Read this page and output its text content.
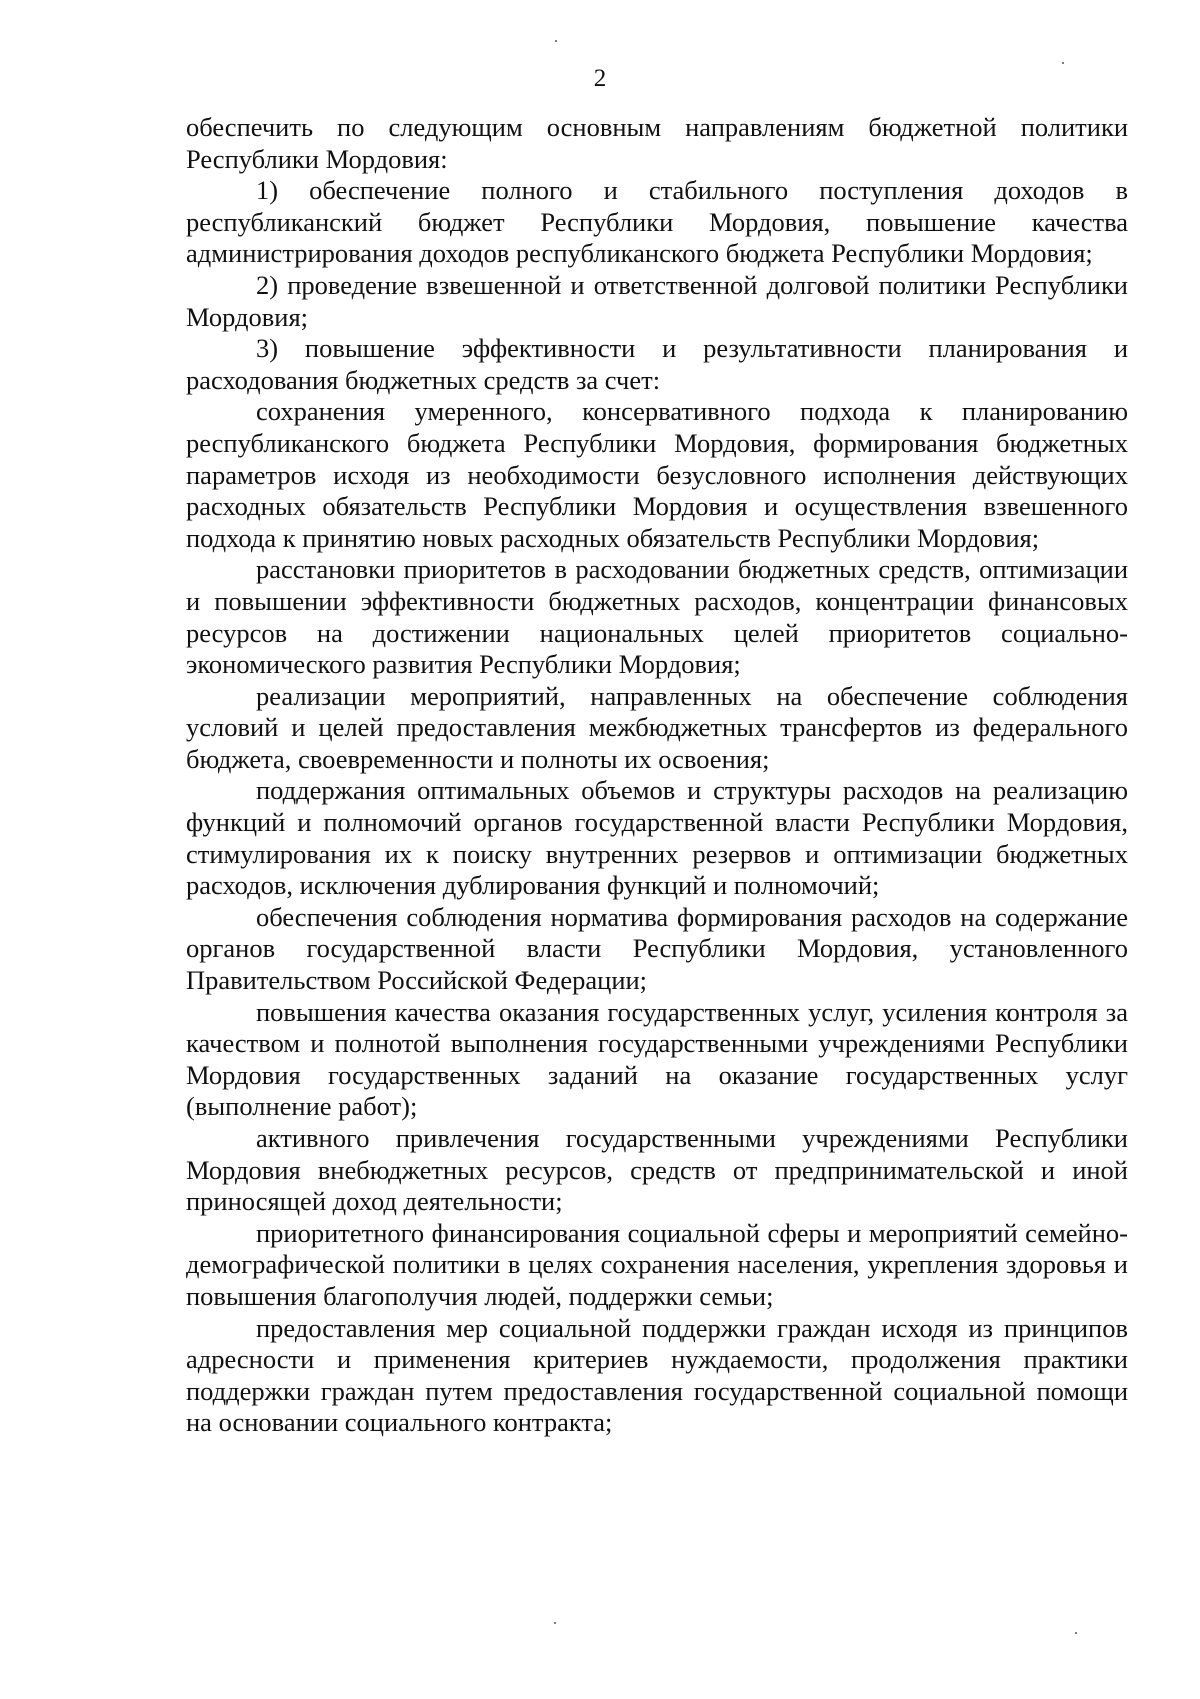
2

обеспечить по следующим основным направлениям бюджетной политики Республики Мордовия:

1) обеспечение полного и стабильного поступления доходов в республиканский бюджет Республики Мордовия, повышение качества администрирования доходов республиканского бюджета Республики Мордовия;

2) проведение взвешенной и ответственной долговой политики Республики Мордовия;

3) повышение эффективности и результативности планирования и расходования бюджетных средств за счет:

сохранения умеренного, консервативного подхода к планированию республиканского бюджета Республики Мордовия, формирования бюджетных параметров исходя из необходимости безусловного исполнения действующих расходных обязательств Республики Мордовия и осуществления взвешенного подхода к принятию новых расходных обязательств Республики Мордовия;

расстановки приоритетов в расходовании бюджетных средств, оптимизации и повышении эффективности бюджетных расходов, концентрации финансовых ресурсов на достижении национальных целей приоритетов социально-экономического развития Республики Мордовия;

реализации мероприятий, направленных на обеспечение соблюдения условий и целей предоставления межбюджетных трансфертов из федерального бюджета, своевременности и полноты их освоения;

поддержания оптимальных объемов и структуры расходов на реализацию функций и полномочий органов государственной власти Республики Мордовия, стимулирования их к поиску внутренних резервов и оптимизации бюджетных расходов, исключения дублирования функций и полномочий;

обеспечения соблюдения норматива формирования расходов на содержание органов государственной власти Республики Мордовия, установленного Правительством Российской Федерации;

повышения качества оказания государственных услуг, усиления контроля за качеством и полнотой выполнения государственными учреждениями Республики Мордовия государственных заданий на оказание государственных услуг (выполнение работ);

активного привлечения государственными учреждениями Республики Мордовия внебюджетных ресурсов, средств от предпринимательской и иной приносящей доход деятельности;

приоритетного финансирования социальной сферы и мероприятий семейно-демографической политики в целях сохранения населения, укрепления здоровья и повышения благополучия людей, поддержки семьи;

предоставления мер социальной поддержки граждан исходя из принципов адресности и применения критериев нуждаемости, продолжения практики поддержки граждан путем предоставления государственной социальной помощи на основании социального контракта;
